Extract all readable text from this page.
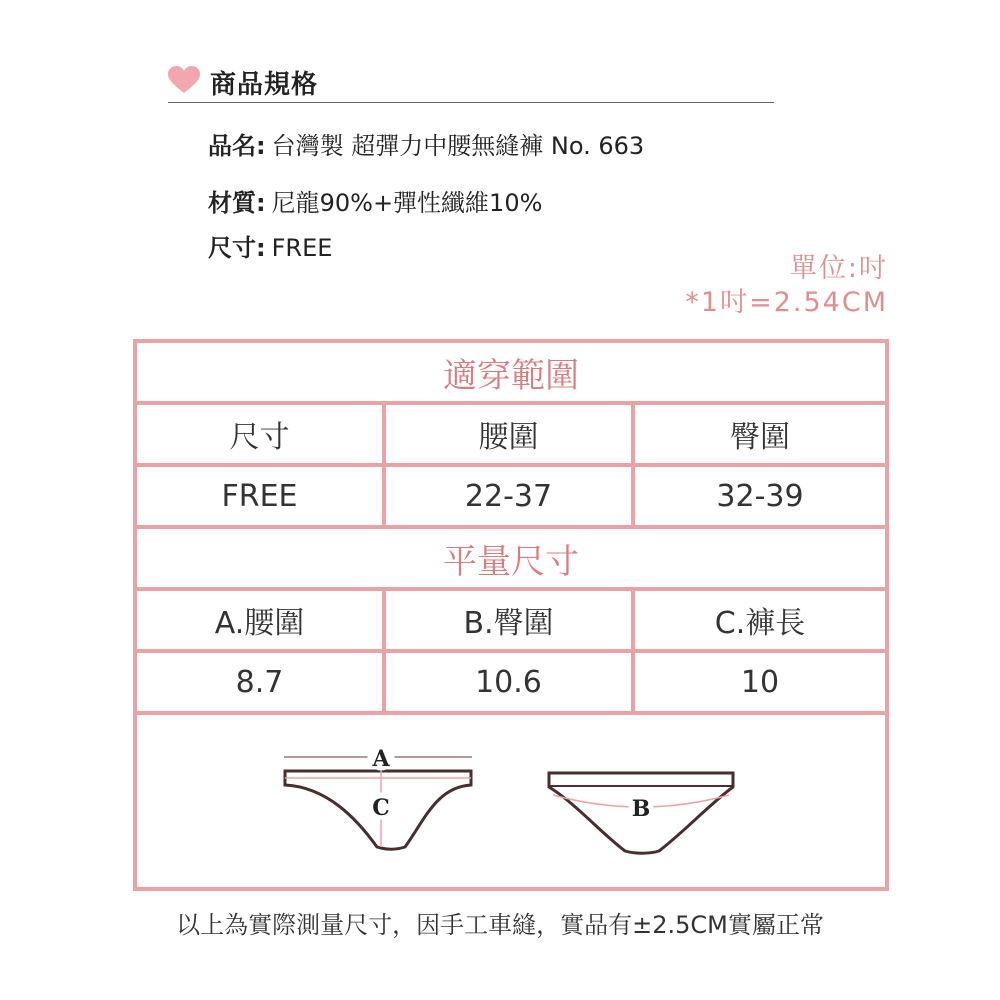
商品規格
品名: 台灣製 超彈力中腰無縫褲 No. 663
材質: 尼龍90%+彈性纖維10%
尺寸: FREE
單位:吋
*1吋=2.54CM
適穿範圍
尺寸	腰圍	臀圍
FREE	22-37	32-39
平量尺寸
A.腰圍	B.臀圍	C.褲長
8.7	10.6	10
A
C	B
以上為實際測量尺寸，因手工車縫，實品有±2.5CM實屬正常
